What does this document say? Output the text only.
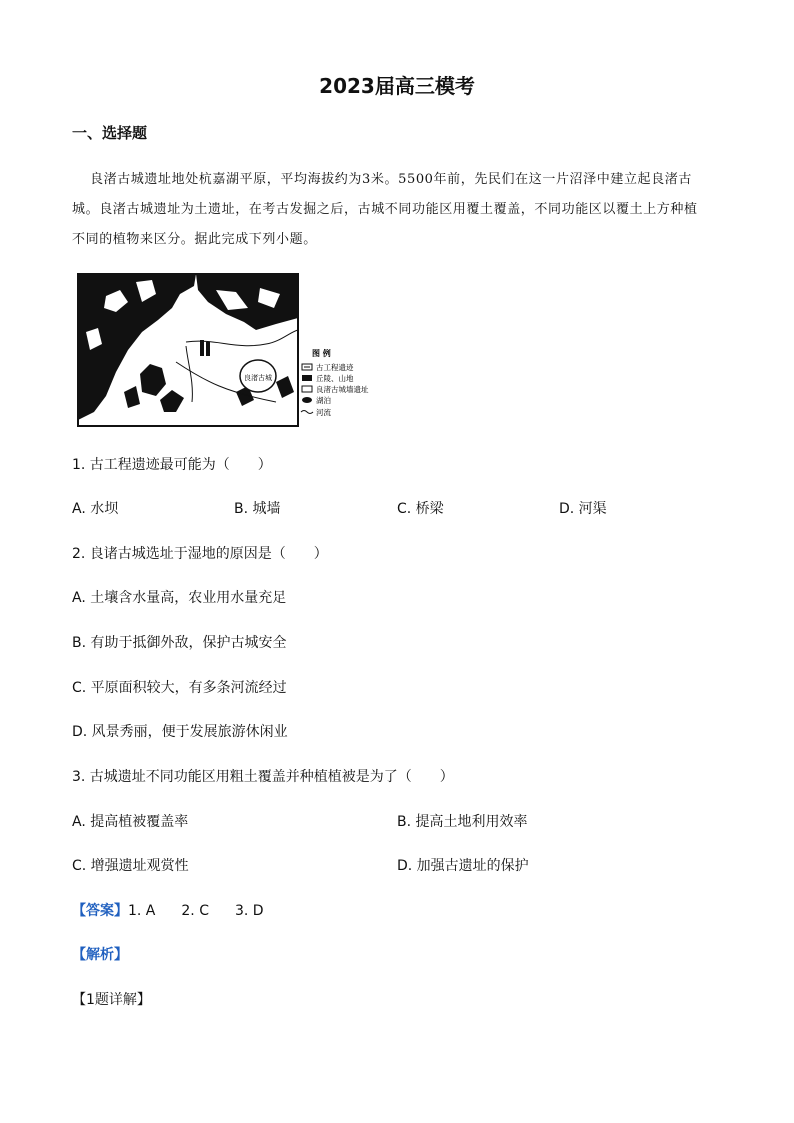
2023届高三模考
一、选择题
良渚古城遗址地处杭嘉湖平原，平均海拔约为3米。5500年前，先民们在这一片沼泽中建立起良渚古
城。良渚古城遗址为土遗址，在考古发掘之后，古城不同功能区用覆土覆盖，不同功能区以覆土上方种植
不同的植物来区分。据此完成下列小题。
良渚古城
图 例
古工程遗迹
丘陵、山地
良渚古城墙遗址
湖泊
河流
1. 古工程遗迹最可能为（　　）
A. 水坝	B. 城墙	C. 桥梁	D. 河渠
2. 良诸古城选址于湿地的原因是（　　）
A. 土壤含水量高，农业用水量充足
B. 有助于抵御外敌，保护古城安全
C. 平原面积较大，有多条河流经过
D. 风景秀丽，便于发展旅游休闲业
3. 古城遗址不同功能区用粗土覆盖并种植植被是为了（　　）
A. 提高植被覆盖率	B. 提高土地利用效率
C. 增强遗址观赏性	D. 加强古遗址的保护
【答案】1. A 2. C 3. D
【解析】
【1题详解】
